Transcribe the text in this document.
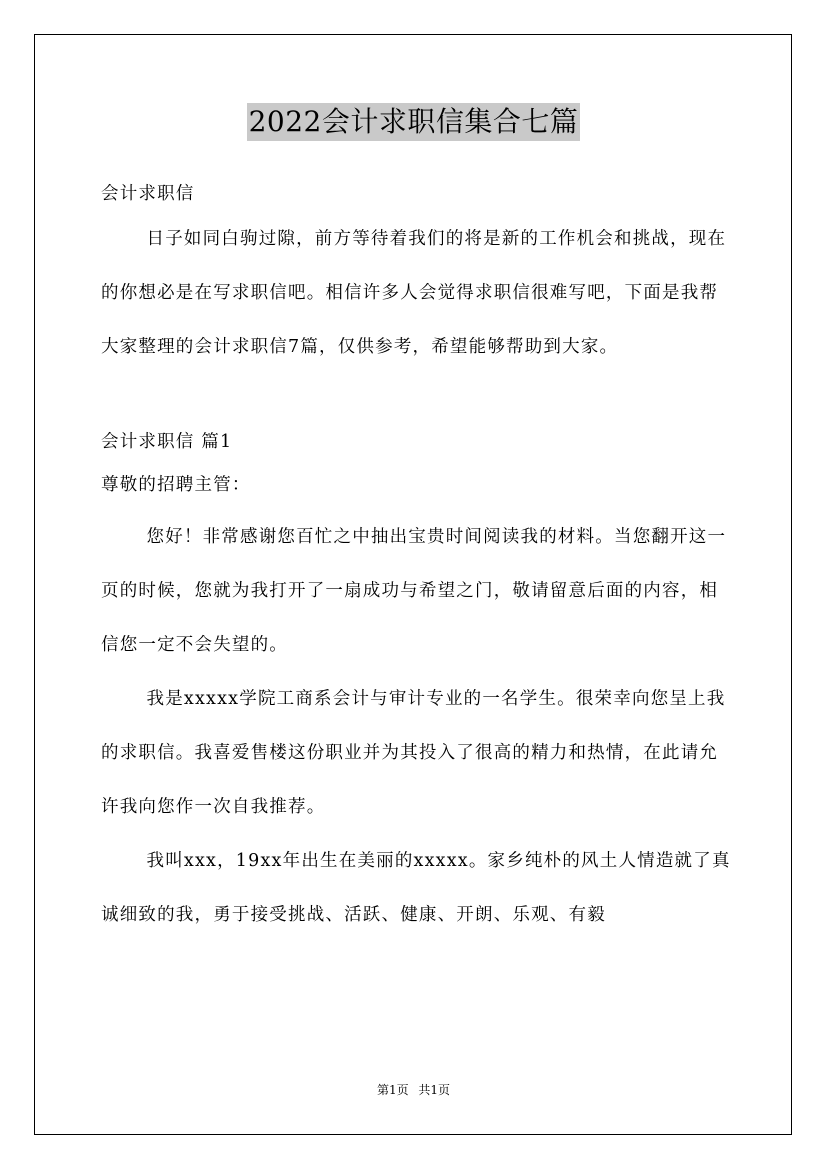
2022会计求职信集合七篇

会计求职信

日子如同白驹过隙，前方等待着我们的将是新的工作机会和挑战，现在的你想必是在写求职信吧。相信许多人会觉得求职信很难写吧，下面是我帮大家整理的会计求职信7篇，仅供参考，希望能够帮助到大家。

会计求职信 篇1

尊敬的招聘主管：

您好！非常感谢您百忙之中抽出宝贵时间阅读我的材料。当您翻开这一页的时候，您就为我打开了一扇成功与希望之门，敬请留意后面的内容，相信您一定不会失望的。
我是xxxxx学院工商系会计与审计专业的一名学生。很荣幸向您呈上我的求职信。我喜爱售楼这份职业并为其投入了很高的精力和热情，在此请允许我向您作一次自我推荐。
我叫xxx，19xx年出生在美丽的xxxxx。家乡纯朴的风土人情造就了真诚细致的我，勇于接受挑战、活跃、健康、开朗、乐观、有毅
第1页 共1页
